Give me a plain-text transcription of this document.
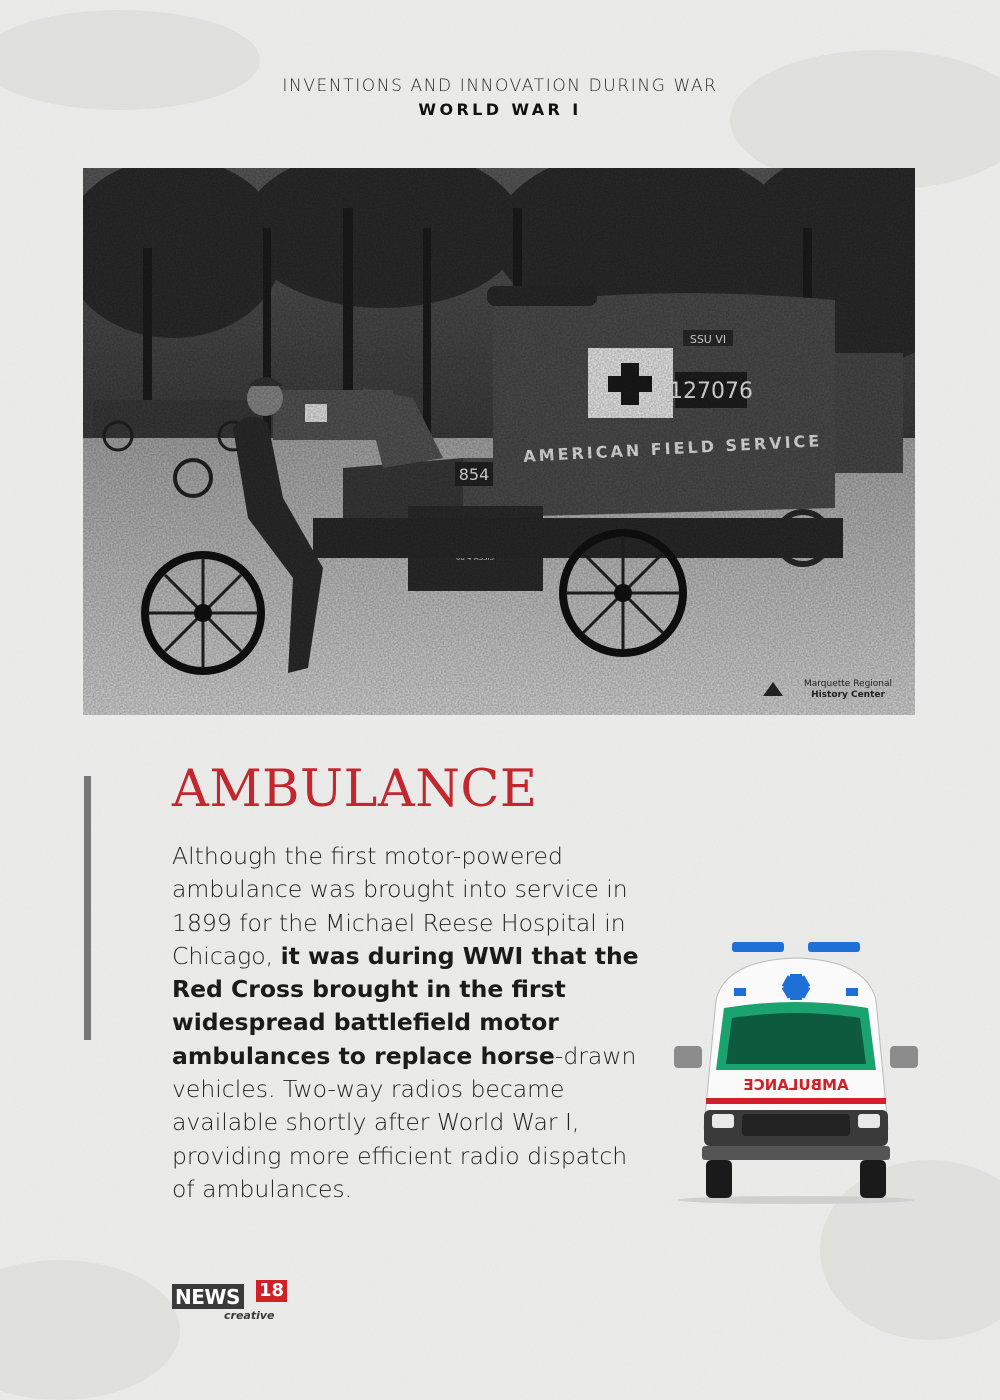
INVENTIONS AND INNOVATION DURING WAR
WORLD WAR I
Marquette Regional
History Center
AMBULANCE
Although the first motor-powered ambulance was brought into service in 1899 for the Michael Reese Hospital in Chicago, it was during WWI that the Red Cross brought in the first widespread battlefield motor ambulances to replace horse-drawn vehicles. Two-way radios became available shortly after World War I, providing more efficient radio dispatch of ambulances.
AMBULANCE
NEWS 18
creative
